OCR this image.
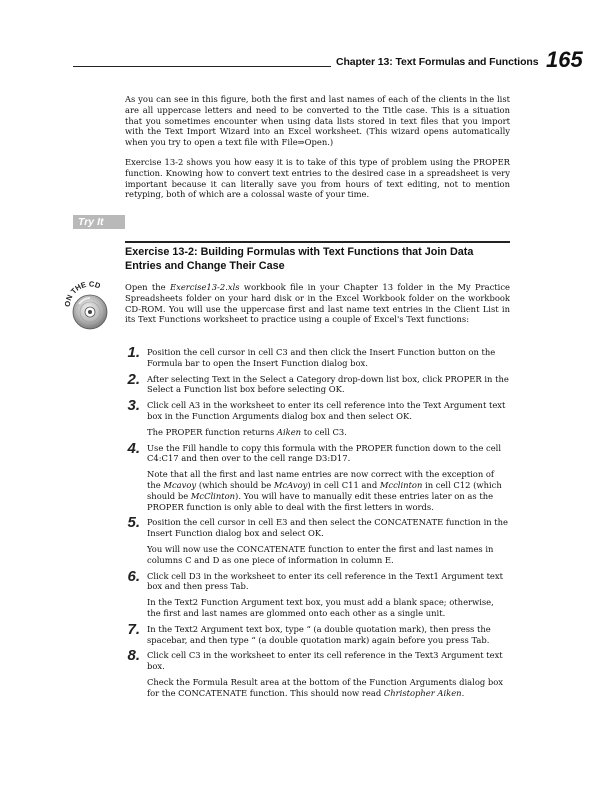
Chapter 13: Text Formulas and Functions 165

As you can see in this figure, both the first and last names of each of the clients in the list are all uppercase letters and need to be converted to the Title case. This is a situation that you sometimes encounter when using data lists stored in text files that you import with the Text Import Wizard into an Excel worksheet. (This wizard opens automatically when you try to open a text file with File⇒Open.)

Exercise 13-2 shows you how easy it is to take of this type of problem using the PROPER function. Knowing how to convert text entries to the desired case in a spreadsheet is very important because it can literally save you from hours of text editing, not to mention retyping, both of which are a colossal waste of your time.

Try It

Exercise 13-2: Building Formulas with Text Functions that Join Data Entries and Change Their Case

ON THE CD	Open the Exercise13-2.xls workbook file in your Chapter 13 folder in the My Practice Spreadsheets folder on your hard disk or in the Excel Workbook folder on the workbook CD-ROM. You will use the uppercase first and last name text entries in the Client List in its Text Functions worksheet to practice using a couple of Excel's Text functions:

1. Position the cell cursor in cell C3 and then click the Insert Function button on the Formula bar to open the Insert Function dialog box.

2. After selecting Text in the Select a Category drop-down list box, click PROPER in the Select a Function list box before selecting OK.

3. Click cell A3 in the worksheet to enter its cell reference into the Text Argument text box in the Function Arguments dialog box and then select OK.

The PROPER function returns Aiken to cell C3.

4. Use the Fill handle to copy this formula with the PROPER function down to the cell C4:C17 and then over to the cell range D3:D17.

Note that all the first and last name entries are now correct with the exception of the Mcavoy (which should be McAvoy) in cell C11 and Mcclinton in cell C12 (which should be McClinton). You will have to manually edit these entries later on as the PROPER function is only able to deal with the first letters in words.

5. Position the cell cursor in cell E3 and then select the CONCATENATE function in the Insert Function dialog box and select OK.

You will now use the CONCATENATE function to enter the first and last names in columns C and D as one piece of information in column E.

6. Click cell D3 in the worksheet to enter its cell reference in the Text1 Argument text box and then press Tab.

In the Text2 Function Argument text box, you must add a blank space; otherwise, the first and last names are glommed onto each other as a single unit.

7. In the Text2 Argument text box, type “ (a double quotation mark), then press the spacebar, and then type “ (a double quotation mark) again before you press Tab.

8. Click cell C3 in the worksheet to enter its cell reference in the Text3 Argument text box.

Check the Formula Result area at the bottom of the Function Arguments dialog box for the CONCATENATE function. This should now read Christopher Aiken.
